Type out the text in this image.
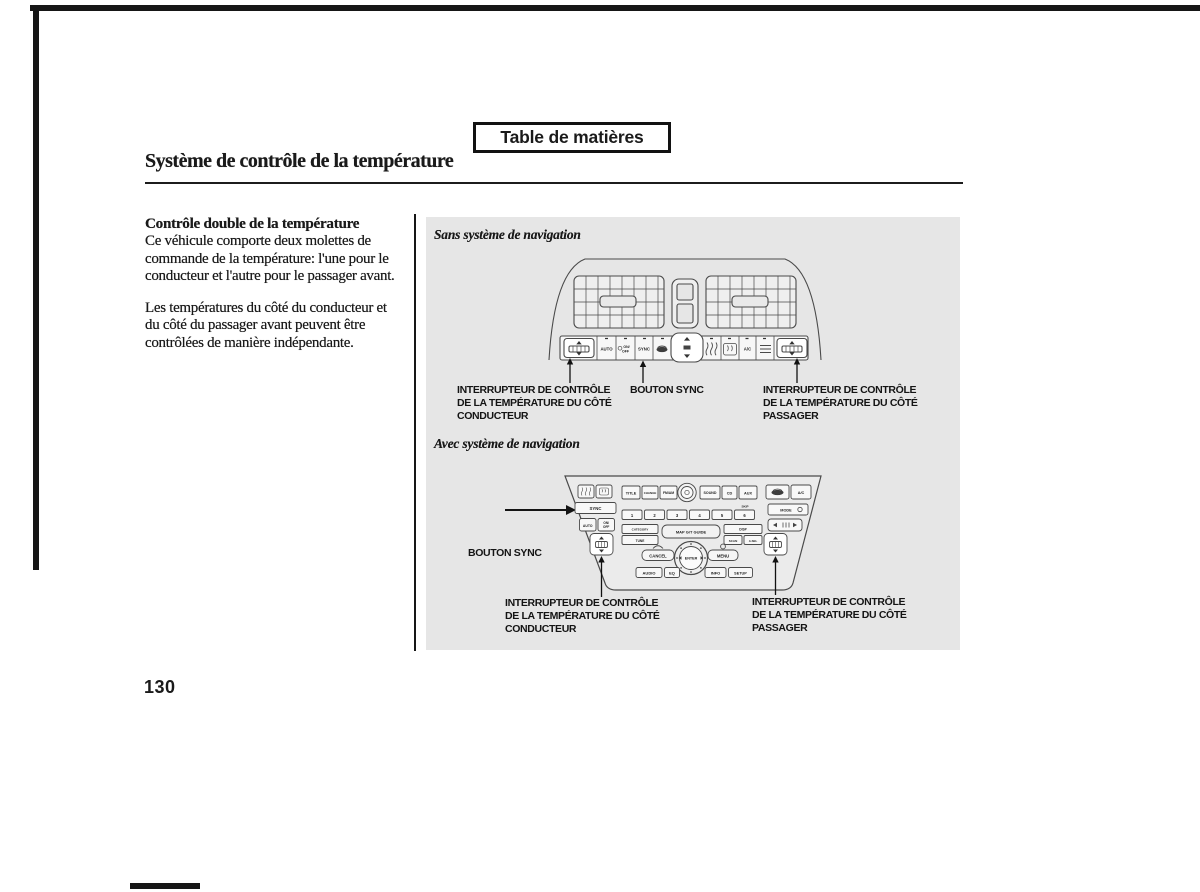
Table de matières
Système de contrôle de la température
Contrôle double de la température
Ce véhicule comporte deux molettes de
commande de la température: l'une pour le
conducteur et l'autre pour le passager avant.
Les températures du côté du conducteur et
du côté du passager avant peuvent être
contrôlées de manière indépendante.
Sans système de navigation
AUTO	ON/
OFF
SYNC	A/C
INTERRUPTEUR DE CONTRÔLE
DE LA TEMPÉRATURE DU CÔTÉ
CONDUCTEUR
BOUTON SYNC	INTERRUPTEUR DE CONTRÔLE
DE LA TEMPÉRATURE DU CÔTÉ
PASSAGER
Avec système de navigation
BOUTON SYNC
SYNC
AUTO
ON/
OFF
TITLE	CHANGE FM/AM	SOUND	CD	AUX
SKIP
1	2	3	4	5	6
CATEGORY
TUNE
MAP G/T GUIDE	DISP
SCAN	A.SEL
ENTER
CANCEL	MENU
AUDIO	EQ	INFO	SETUP
A/C
MODE
INTERRUPTEUR DE CONTRÔLE
DE LA TEMPÉRATURE DU CÔTÉ
CONDUCTEUR
INTERRUPTEUR DE CONTRÔLE
DE LA TEMPÉRATURE DU CÔTÉ
PASSAGER
130
